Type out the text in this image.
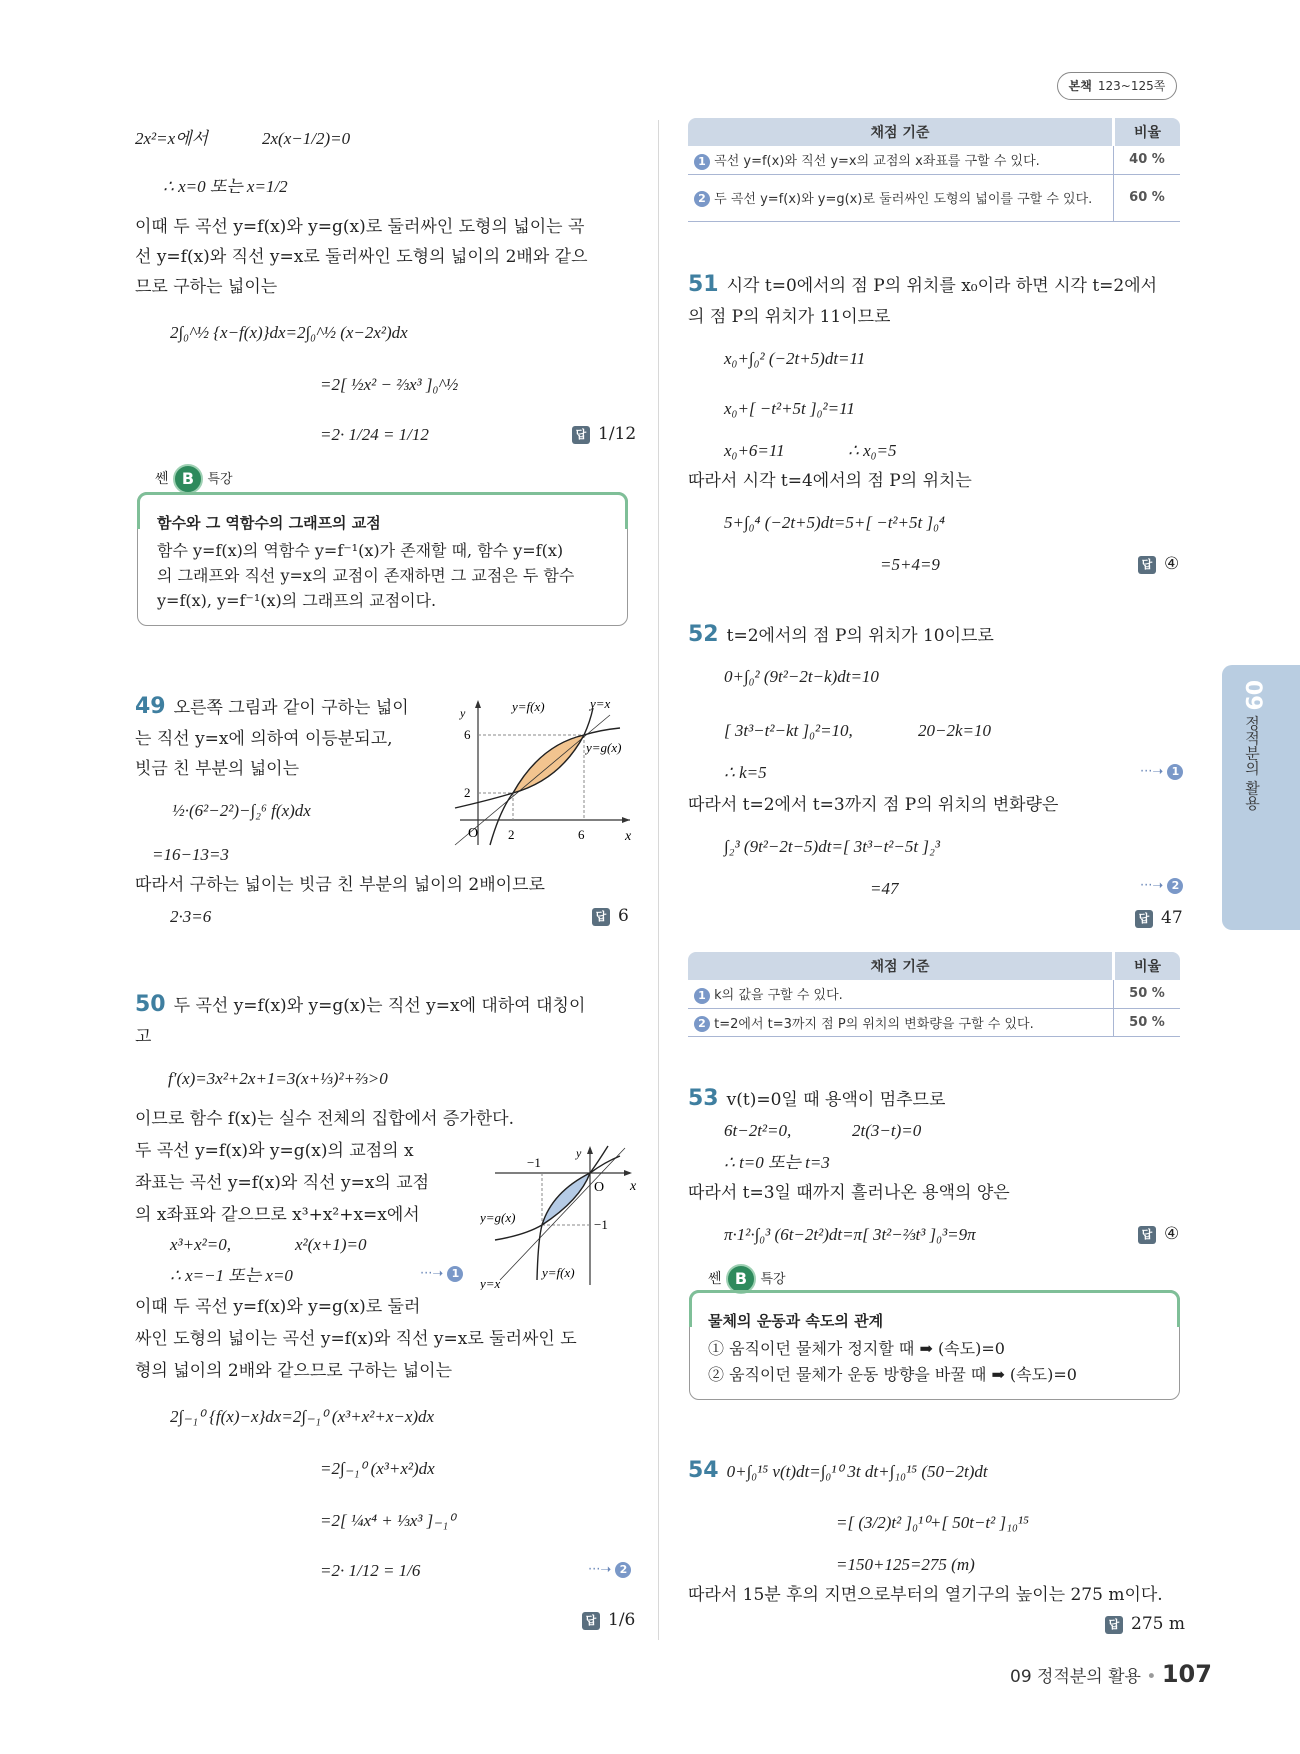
본책 123~125쪽
2x²=x에서	2x(x−1/2)=0
∴ x=0 또는 x=1/2
이때 두 곡선 y=f(x)와 y=g(x)로 둘러싸인 도형의 넓이는 곡
선 y=f(x)와 직선 y=x로 둘러싸인 도형의 넓이의 2배와 같으
므로 구하는 넓이는
2∫₀^½ {x−f(x)}dx=2∫₀^½ (x−2x²)dx
=2[ ½x² − ⅔x³ ]₀^½
=2· 1/24 = 1/12	답 1/12
쎈 B 특강
함수와 그 역함수의 그래프의 교점
함수 y=f(x)의 역함수 y=f⁻¹(x)가 존재할 때, 함수 y=f(x)
의 그래프와 직선 y=x의 교점이 존재하면 그 교점은 두 함수
y=f(x), y=f⁻¹(x)의 그래프의 교점이다.
49 오른쪽 그림과 같이 구하는 넓이
는 직선 y=x에 의하여 이등분되고,
빗금 친 부분의 넓이는
½·(6²−2²)−∫₂⁶ f(x)dx
=16−13=3
따라서 구하는 넓이는 빗금 친 부분의 넓이의 2배이므로
2·3=6	답 6
y
x
O 2	6
2
6
y=f(x)	y=x
y=g(x)
50 두 곡선 y=f(x)와 y=g(x)는 직선 y=x에 대하여 대칭이
고
f′(x)=3x²+2x+1=3(x+⅓)²+⅔>0
이므로 함수 f(x)는 실수 전체의 집합에서 증가한다.
두 곡선 y=f(x)와 y=g(x)의 교점의 x
좌표는 곡선 y=f(x)와 직선 y=x의 교점
의 x좌표와 같으므로 x³+x²+x=x에서
x³+x²=0,	x²(x+1)=0
∴ x=−1 또는 x=0	···➝ 1
이때 두 곡선 y=f(x)와 y=g(x)로 둘러
싸인 도형의 넓이는 곡선 y=f(x)와 직선 y=x로 둘러싸인 도
형의 넓이의 2배와 같으므로 구하는 넓이는
2∫₋₁⁰ {f(x)−x}dx=2∫₋₁⁰ (x³+x²+x−x)dx
=2∫₋₁⁰ (x³+x²)dx
=2[ ¼x⁴ + ⅓x³ ]₋₁⁰
=2· 1/12 = 1/6	···➝ 2
답 1/6
y
x
O
−1
−1
y=g(x)
y=x
y=f(x)
채점 기준	비율
1 곡선 y=f(x)와 직선 y=x의 교점의 x좌표를 구할 수 있다.	40 %
2 두 곡선 y=f(x)와 y=g(x)로 둘러싸인 도형의 넓이를 구할 수 있다.	60 %
51 시각 t=0에서의 점 P의 위치를 x₀이라 하면 시각 t=2에서
의 점 P의 위치가 11이므로
x₀+∫₀² (−2t+5)dt=11
x₀+[ −t²+5t ]₀²=11
x₀+6=11	∴ x₀=5
따라서 시각 t=4에서의 점 P의 위치는
5+∫₀⁴ (−2t+5)dt=5+[ −t²+5t ]₀⁴
=5+4=9	답 ④
52 t=2에서의 점 P의 위치가 10이므로
0+∫₀² (9t²−2t−k)dt=10
[ 3t³−t²−kt ]₀²=10,	20−2k=10
∴ k=5	···➝ 1
따라서 t=2에서 t=3까지 점 P의 위치의 변화량은
∫₂³ (9t²−2t−5)dt=[ 3t³−t²−5t ]₂³
=47	···➝ 2
답 47
채점 기준	비율
1 k의 값을 구할 수 있다.	50 %
2 t=2에서 t=3까지 점 P의 위치의 변화량을 구할 수 있다.	50 %
53 v(t)=0일 때 용액이 멈추므로
6t−2t²=0,	2t(3−t)=0
∴ t=0 또는 t=3
따라서 t=3일 때까지 흘러나온 용액의 양은
π·1²·∫₀³ (6t−2t²)dt=π[ 3t²−⅔t³ ]₀³=9π	답 ④
쎈 B 특강
물체의 운동과 속도의 관계
① 움직이던 물체가 정지할 때 ➡ (속도)=0
② 움직이던 물체가 운동 방향을 바꿀 때 ➡ (속도)=0
54 0+∫₀¹⁵ v(t)dt=∫₀¹⁰ 3t dt+∫₁₀¹⁵ (50−2t)dt
=[ (3/2)t² ]₀¹⁰+[ 50t−t² ]₁₀¹⁵
=150+125=275 (m)
따라서 15분 후의 지면으로부터의 열기구의 높이는 275 m이다.
답 275 m
09 정적분의 활용
09 정적분의 활용 • 107
